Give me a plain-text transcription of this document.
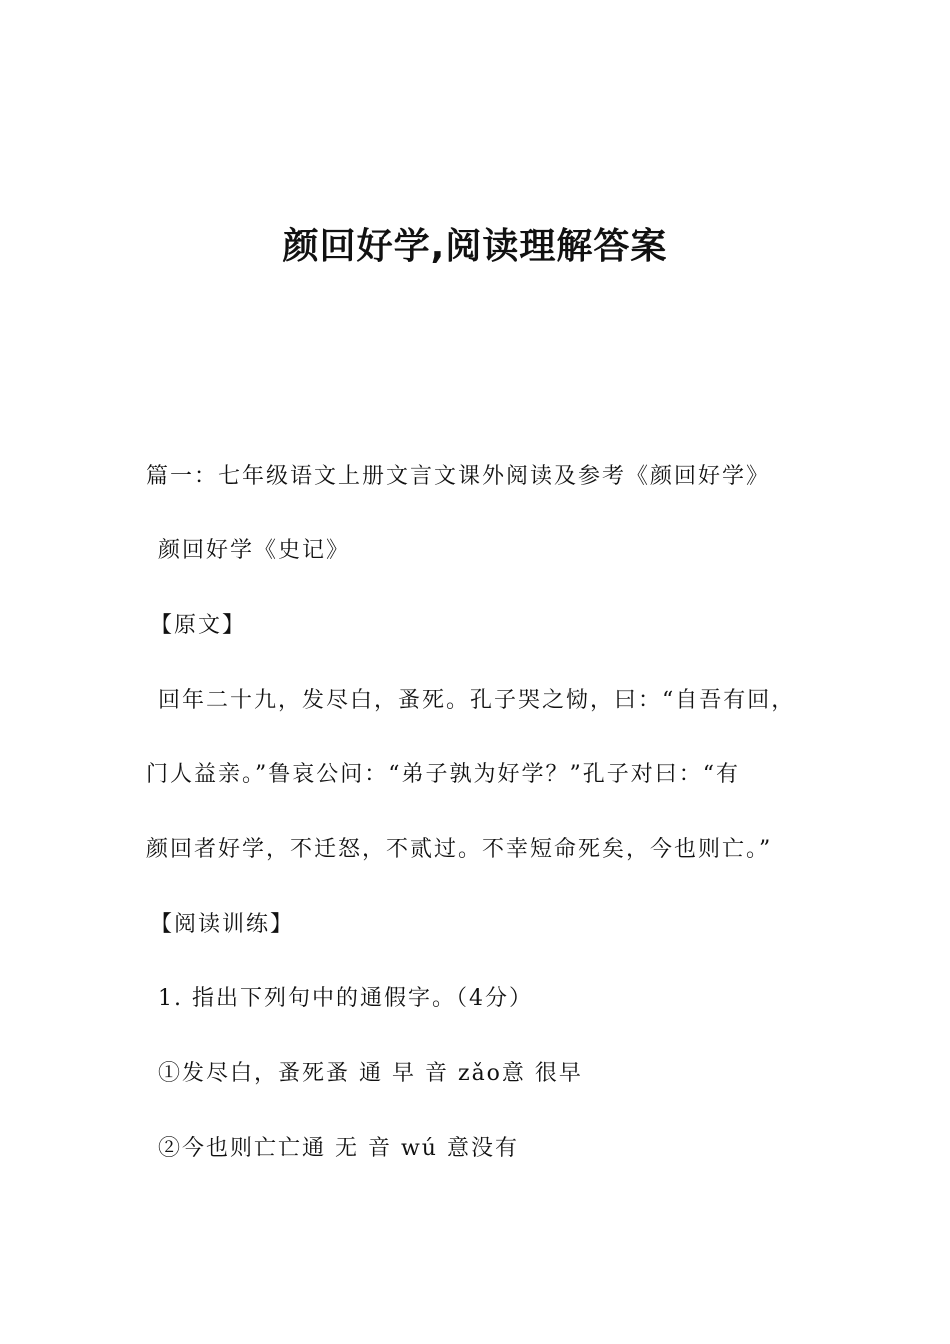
颜回好学,阅读理解答案
篇一：七年级语文上册文言文课外阅读及参考《颜回好学》
颜回好学《史记》
【原文】
回年二十九，发尽白，蚤死。孔子哭之恸，曰：“自吾有回，
门人益亲。”鲁哀公问：“弟子孰为好学？”孔子对曰：“有
颜回者好学，不迁怒，不贰过。不幸短命死矣，今也则亡。”
【阅读训练】
1. 指出下列句中的通假字。（4分）
①发尽白，蚤死蚤 通 早 音 zǎo意 很早
②今也则亡亡通 无 音 wú 意没有
